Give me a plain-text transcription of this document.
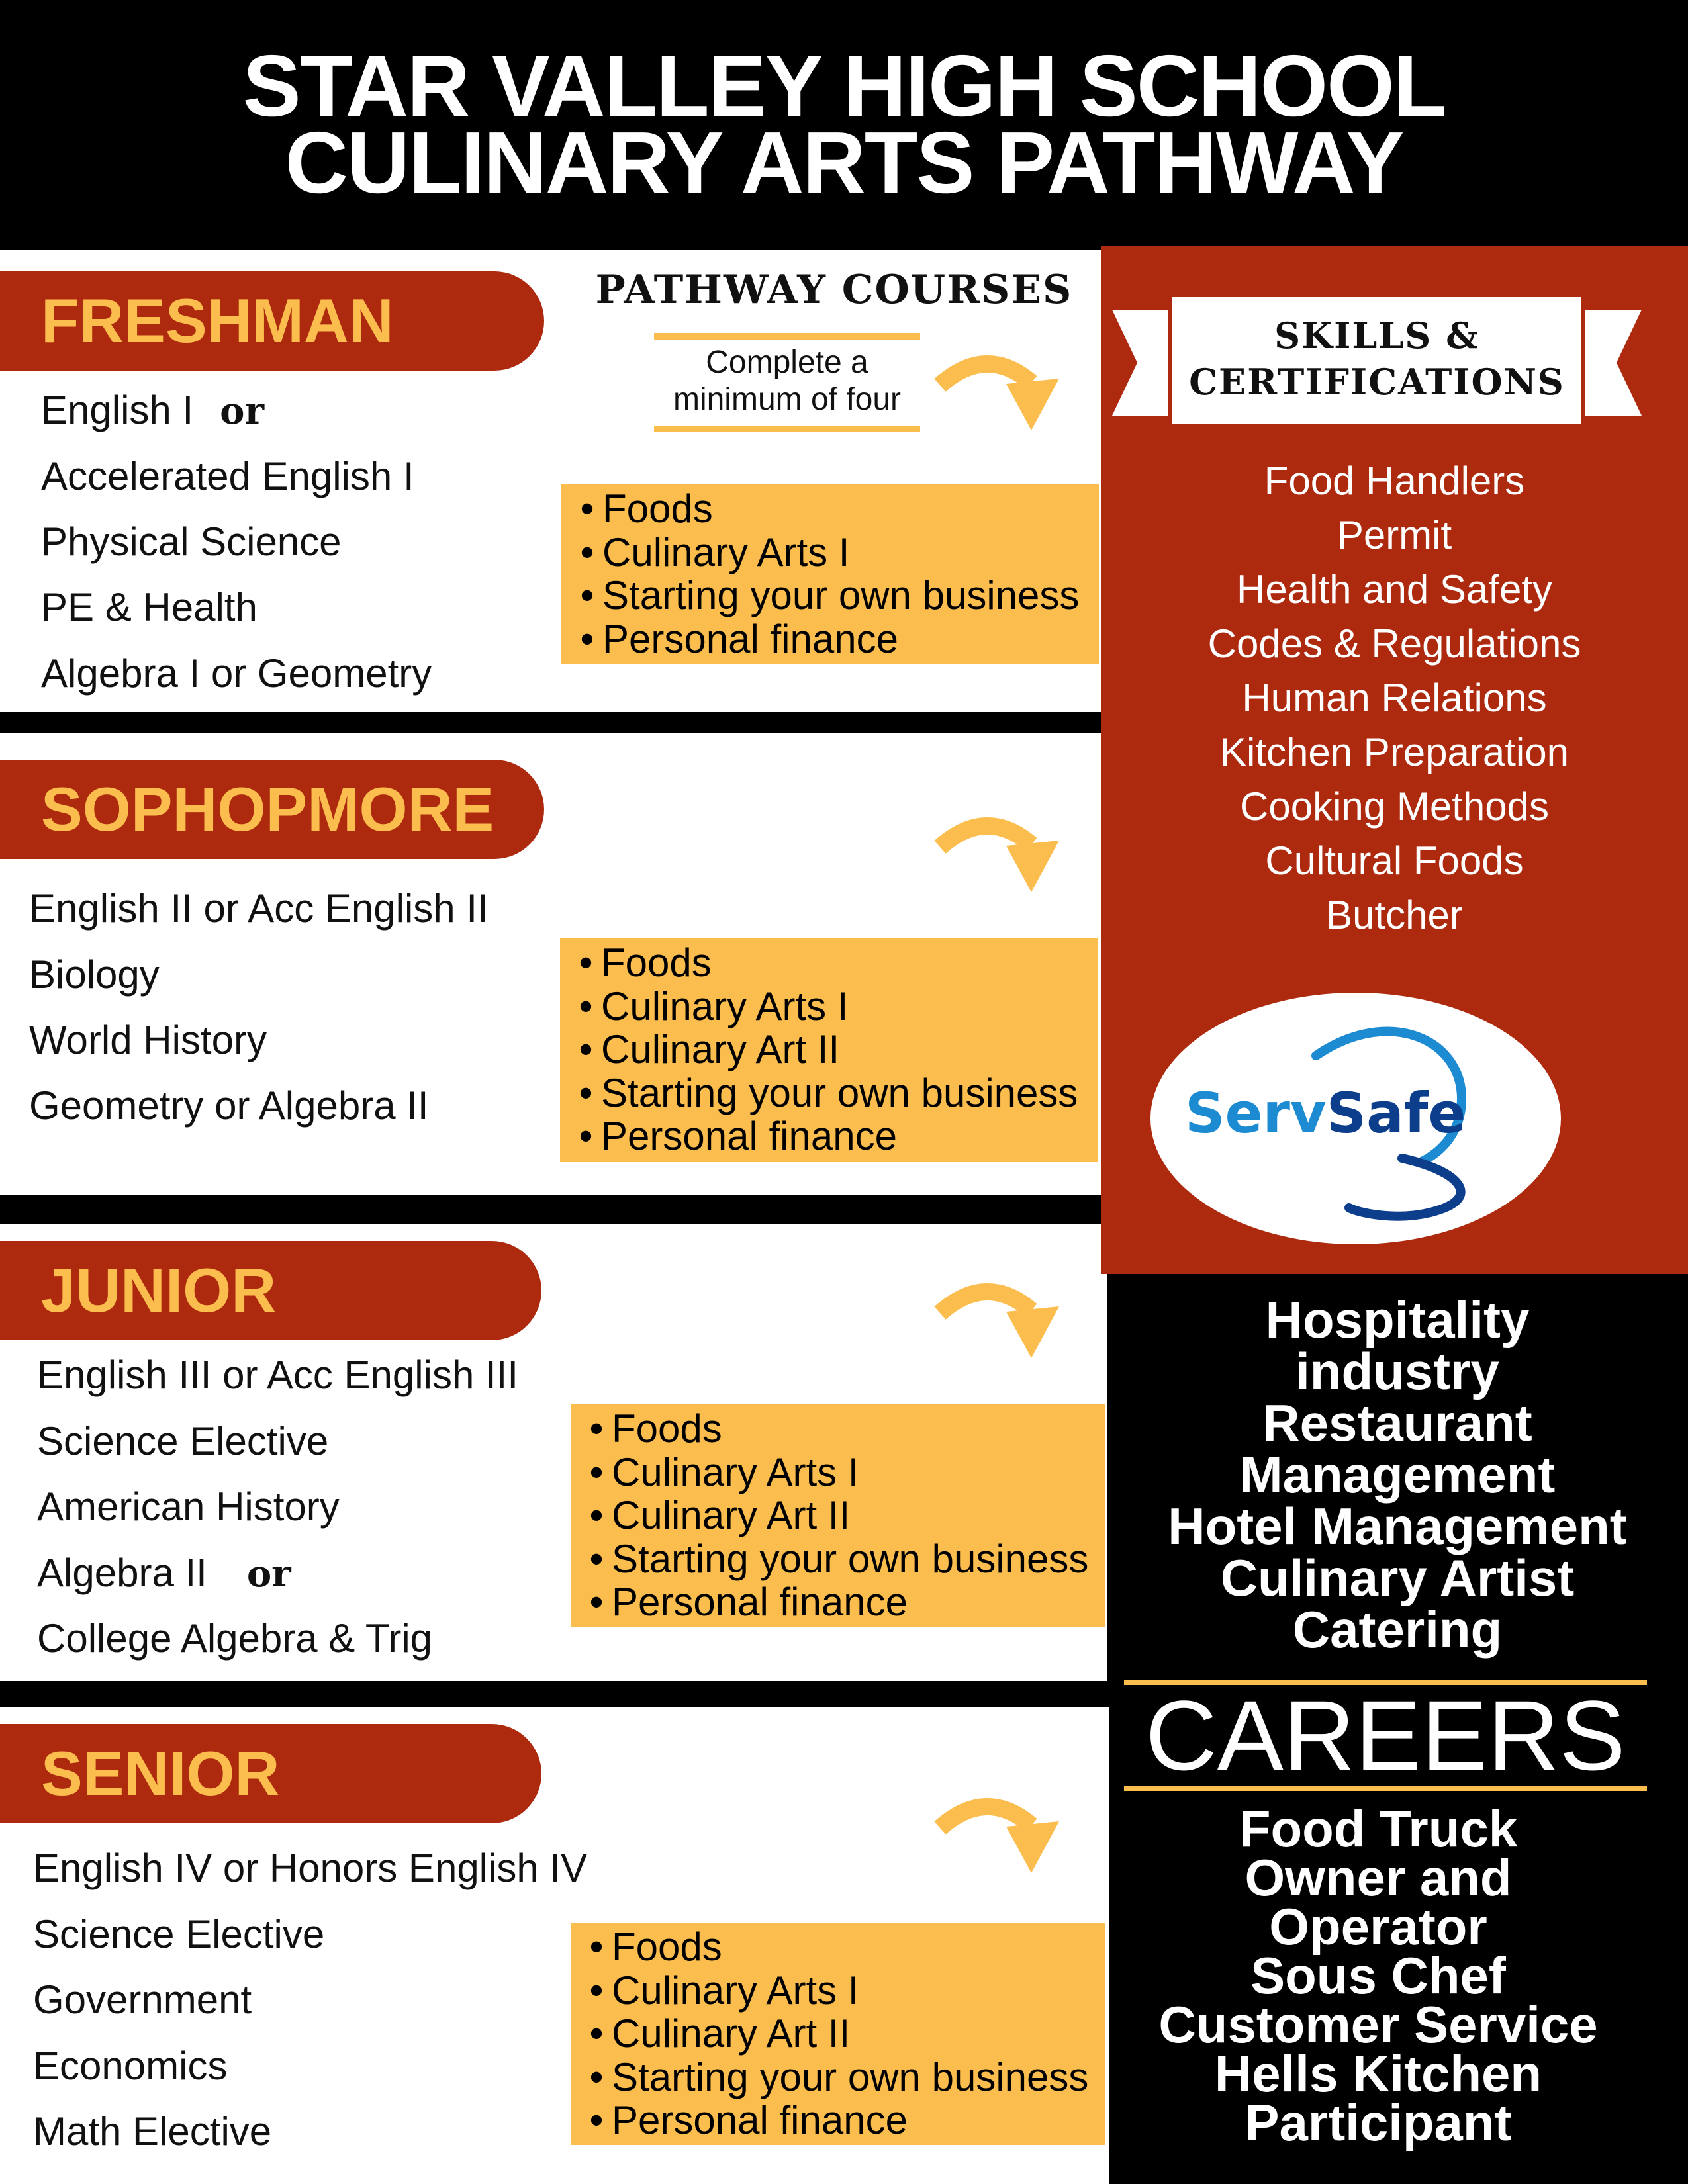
STAR VALLEY HIGH SCHOOL
CULINARY ARTS PATHWAY
PATHWAY COURSES
Complete a
minimum of four
FRESHMAN
English I or
Accelerated English I
Physical Science
PE & Health
Algebra I or Geometry
• Foods
• Culinary Arts I
• Starting your own business
• Personal finance
SOPHOPMORE
English II or Acc English II
Biology
World History
Geometry or Algebra II
• Foods
• Culinary Arts I
• Culinary Art II
• Starting your own business
• Personal finance
JUNIOR
English III or Acc English III
Science Elective
American History
Algebra II or
College Algebra & Trig
• Foods
• Culinary Arts I
• Culinary Art II
• Starting your own business
• Personal finance
SENIOR
English IV or Honors English IV
Science Elective
Government
Economics
Math Elective
• Foods
• Culinary Arts I
• Culinary Art II
• Starting your own business
• Personal finance
SKILLS &
CERTIFICATIONS
Food Handlers
Permit
Health and Safety
Codes & Regulations
Human Relations
Kitchen Preparation
Cooking Methods
Cultural Foods
Butcher
ServSafe
Hospitality
industry
Restaurant
Management
Hotel Management
Culinary Artist
Catering
CAREERS
Food Truck
Owner and
Operator
Sous Chef
Customer Service
Hells Kitchen
Participant
